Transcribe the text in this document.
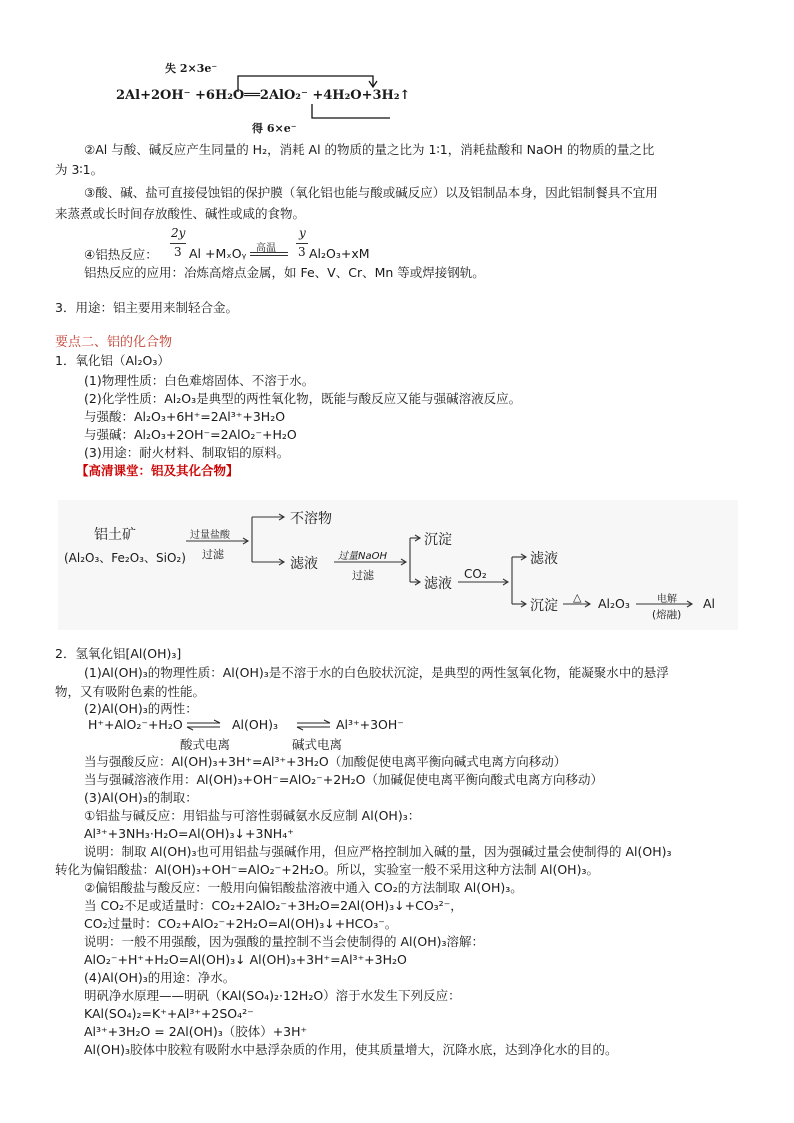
失 2×3e⁻
2Al+2OH⁻ +6H₂O══2AlO₂⁻ +4H₂O+3H₂↑
得 6×e⁻
②Al 与酸、碱反应产生同量的 H₂，消耗 Al 的物质的量之比为 1∶1，消耗盐酸和 NaOH 的物质的量之比
为 3∶1。
③酸、碱、盐可直接侵蚀铝的保护膜（氧化铝也能与酸或碱反应）以及铝制品本身，因此铝制餐具不宜用
来蒸煮或长时间存放酸性、碱性或咸的食物。
④铝热反应：
2y
3 Al +MₓOᵧ 高温
y
3 Al₂O₃+xM
铝热反应的应用：冶炼高熔点金属，如 Fe、V、Cr、Mn 等或焊接钢轨。
3．用途：铝主要用来制轻合金。
要点二、铝的化合物
1．氧化铝（Al₂O₃）
(1)物理性质：白色难熔固体、不溶于水。
(2)化学性质：Al₂O₃是典型的两性氧化物，既能与酸反应又能与强碱溶液反应。
与强酸：Al₂O₃+6H⁺=2Al³⁺+3H₂O
与强碱：Al₂O₃+2OH⁻=2AlO₂⁻+H₂O
(3)用途：耐火材料、制取铝的原料。
【高清课堂：铝及其化合物】
铝土矿
(Al₂O₃、Fe₂O₃、SiO₂)
过量盐酸
过滤
不溶物
滤液 过量NaOH
过滤
沉淀
滤液
CO₂
滤液
沉淀
△ Al₂O₃	电解
(熔融)
Al
2．氢氧化铝[Al(OH)₃]
(1)Al(OH)₃的物理性质：Al(OH)₃是不溶于水的白色胶状沉淀，是典型的两性氢氧化物，能凝聚水中的悬浮
物，又有吸附色素的性能。
(2)Al(OH)₃的两性：
H⁺+AlO₂⁻+H₂O	Al(OH)₃	Al³⁺+3OH⁻
酸式电离	碱式电离
当与强酸反应：Al(OH)₃+3H⁺=Al³⁺+3H₂O（加酸促使电离平衡向碱式电离方向移动）
当与强碱溶液作用：Al(OH)₃+OH⁻=AlO₂⁻+2H₂O（加碱促使电离平衡向酸式电离方向移动）
(3)Al(OH)₃的制取：
①铝盐与碱反应：用铝盐与可溶性弱碱氨水反应制 Al(OH)₃：
Al³⁺+3NH₃·H₂O=Al(OH)₃↓+3NH₄⁺
说明：制取 Al(OH)₃也可用铝盐与强碱作用，但应严格控制加入碱的量，因为强碱过量会使制得的 Al(OH)₃
转化为偏铝酸盐：Al(OH)₃+OH⁻=AlO₂⁻+2H₂O。所以，实验室一般不采用这种方法制 Al(OH)₃。
②偏铝酸盐与酸反应：一般用向偏铝酸盐溶液中通入 CO₂的方法制取 Al(OH)₃。
当 CO₂不足或适量时：CO₂+2AlO₂⁻+3H₂O=2Al(OH)₃↓+CO₃²⁻，
CO₂过量时：CO₂+AlO₂⁻+2H₂O=Al(OH)₃↓+HCO₃⁻。
说明：一般不用强酸，因为强酸的量控制不当会使制得的 Al(OH)₃溶解：
AlO₂⁻+H⁺+H₂O=Al(OH)₃↓ Al(OH)₃+3H⁺=Al³⁺+3H₂O
(4)Al(OH)₃的用途：净水。
明矾净水原理——明矾（KAl(SO₄)₂·12H₂O）溶于水发生下列反应：
KAl(SO₄)₂=K⁺+Al³⁺+2SO₄²⁻
Al³⁺+3H₂O = 2Al(OH)₃（胶体）+3H⁺
Al(OH)₃胶体中胶粒有吸附水中悬浮杂质的作用，使其质量增大，沉降水底，达到净化水的目的。
